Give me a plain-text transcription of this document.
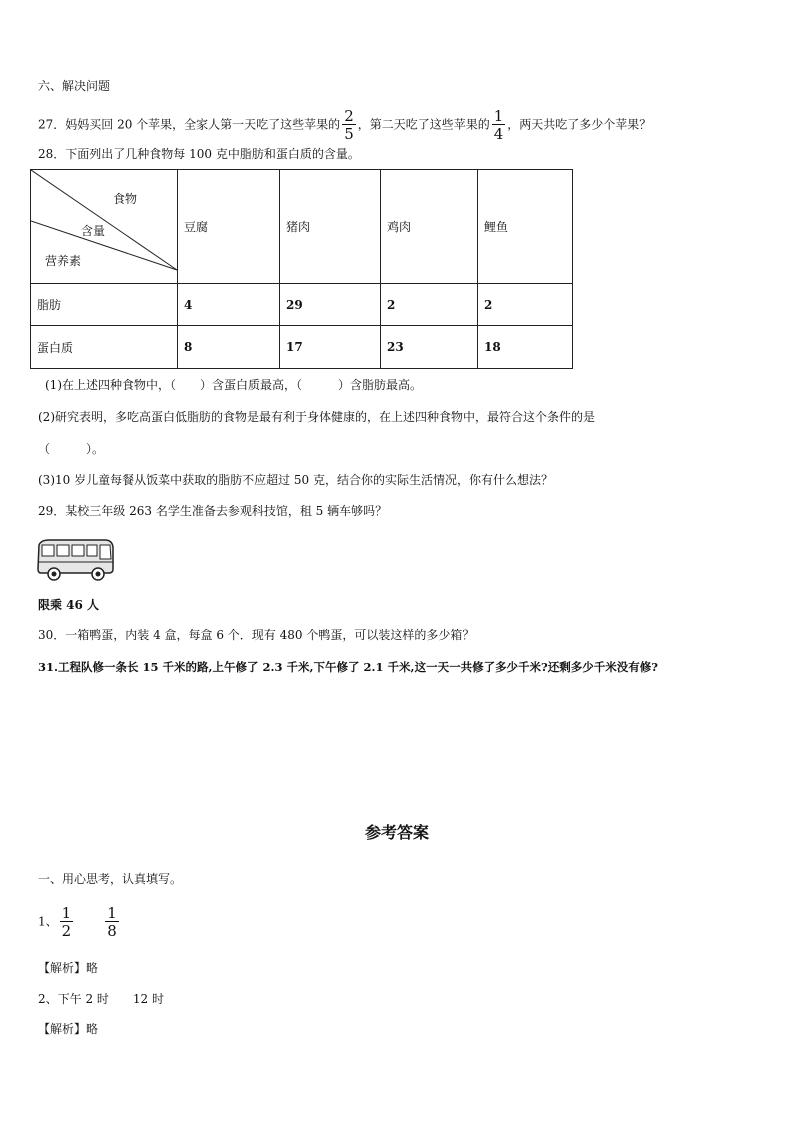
六、解决问题
27．妈妈买回 20 个苹果，全家人第一天吃了这些苹果的 $\frac{2}{5}$ ，第二天吃了这些苹果的 $\frac{1}{4}$ ，两天共吃了多少个苹果？
28．下面列出了几种食物每 100 克中脂肪和蛋白质的含量。
食物
含量
营养素	豆腐	猪肉	鸡肉	鲤鱼
脂肪	4	29	2	2
蛋白质	8	17	23	18
(1)在上述四种食物中，（　　）含蛋白质最高，（　　　）含脂肪最高。
(2)研究表明，多吃高蛋白低脂肪的食物是最有利于身体健康的，在上述四种食物中，最符合这个条件的是
（　　　）。
(3)10 岁儿童每餐从饭菜中获取的脂肪不应超过 50 克，结合你的实际生活情况，你有什么想法？
29．某校三年级 263 名学生准备去参观科技馆，租 5 辆车够吗？
限乘 46 人
30．一箱鸭蛋，内装 4 盒，每盒 6 个．现有 480 个鸭蛋，可以装这样的多少箱？
31.工程队修一条长 15 千米的路,上午修了 2.3 千米,下午修了 2.1 千米,这一天一共修了多少千米?还剩多少千米没有修?
参考答案
一、用心思考，认真填写。
1、 $\frac{1}{2} \frac{1}{8}$
【解析】略
2、下午 2 时 12 时
【解析】略
